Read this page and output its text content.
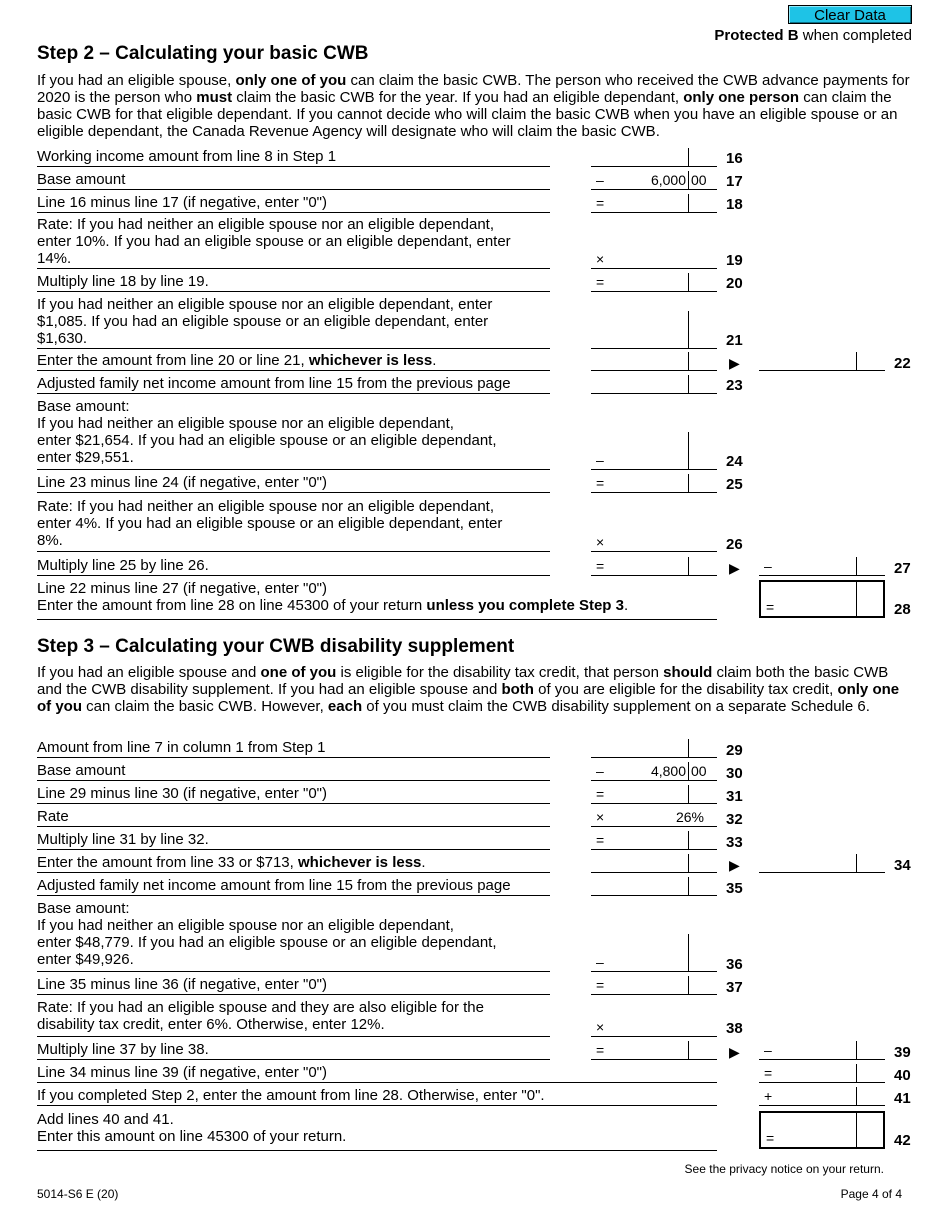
Clear Data
Protected B when completed
Step 2 – Calculating your basic CWB

If you had an eligible spouse, only one of you can claim the basic CWB. The person who received the CWB advance payments for 2020 is the person who must claim the basic CWB for the year. If you had an eligible dependant, only one person can claim the basic CWB for that eligible dependant. If you cannot decide who will claim the basic CWB when you have an eligible spouse or an eligible dependant, the Canada Revenue Agency will designate who will claim the basic CWB.

Working income amount from line 8 in Step 1	16
Base amount	–	6,000 00 17
Line 16 minus line 17 (if negative, enter "0")	=	18
Rate: If you had neither an eligible spouse nor an eligible dependant, enter 10%. If you had an eligible spouse or an eligible dependant, enter 14%.	×	19
Multiply line 18 by line 19.	=	20
If you had neither an eligible spouse nor an eligible dependant, enter $1,085. If you had an eligible spouse or an eligible dependant, enter $1,630.	21
Enter the amount from line 20 or line 21, whichever is less.	▶	22
Adjusted family net income amount from line 15 from the previous page	23
Base amount:
If you had neither an eligible spouse nor an eligible dependant,
enter $21,654. If you had an eligible spouse or an eligible dependant,
enter $29,551.	–	24
Line 23 minus line 24 (if negative, enter "0")	=	25
Rate: If you had neither an eligible spouse nor an eligible dependant, enter 4%. If you had an eligible spouse or an eligible dependant, enter 8%.	×	26
Multiply line 25 by line 26.	=	▶ –	27
Line 22 minus line 27 (if negative, enter "0")
Enter the amount from line 28 on line 45300 of your return unless you complete Step 3.	=	28
Step 3 – Calculating your CWB disability supplement

If you had an eligible spouse and one of you is eligible for the disability tax credit, that person should claim both the basic CWB and the CWB disability supplement. If you had an eligible spouse and both of you are eligible for the disability tax credit, only one of you can claim the basic CWB. However, each of you must claim the CWB disability supplement on a separate Schedule 6.

Amount from line 7 in column 1 from Step 1	29
Base amount	–	4,800 00 30
Line 29 minus line 30 (if negative, enter "0")	=	31
Rate	×	26% 32
Multiply line 31 by line 32.	=	33
Enter the amount from line 33 or $713, whichever is less.	▶	34
Adjusted family net income amount from line 15 from the previous page	35
Base amount:
If you had neither an eligible spouse nor an eligible dependant,
enter $48,779. If you had an eligible spouse or an eligible dependant,
enter $49,926.	–	36
Line 35 minus line 36 (if negative, enter "0")	=	37
Rate: If you had an eligible spouse and they are also eligible for the disability tax credit, enter 6%. Otherwise, enter 12%.	×	38
Multiply line 37 by line 38.	=	▶ –	39
Line 34 minus line 39 (if negative, enter "0")	=	40
If you completed Step 2, enter the amount from line 28. Otherwise, enter "0".	+	41
Add lines 40 and 41.
Enter this amount on line 45300 of your return.	=	42
See the privacy notice on your return.
5014-S6 E (20)	Page 4 of 4
